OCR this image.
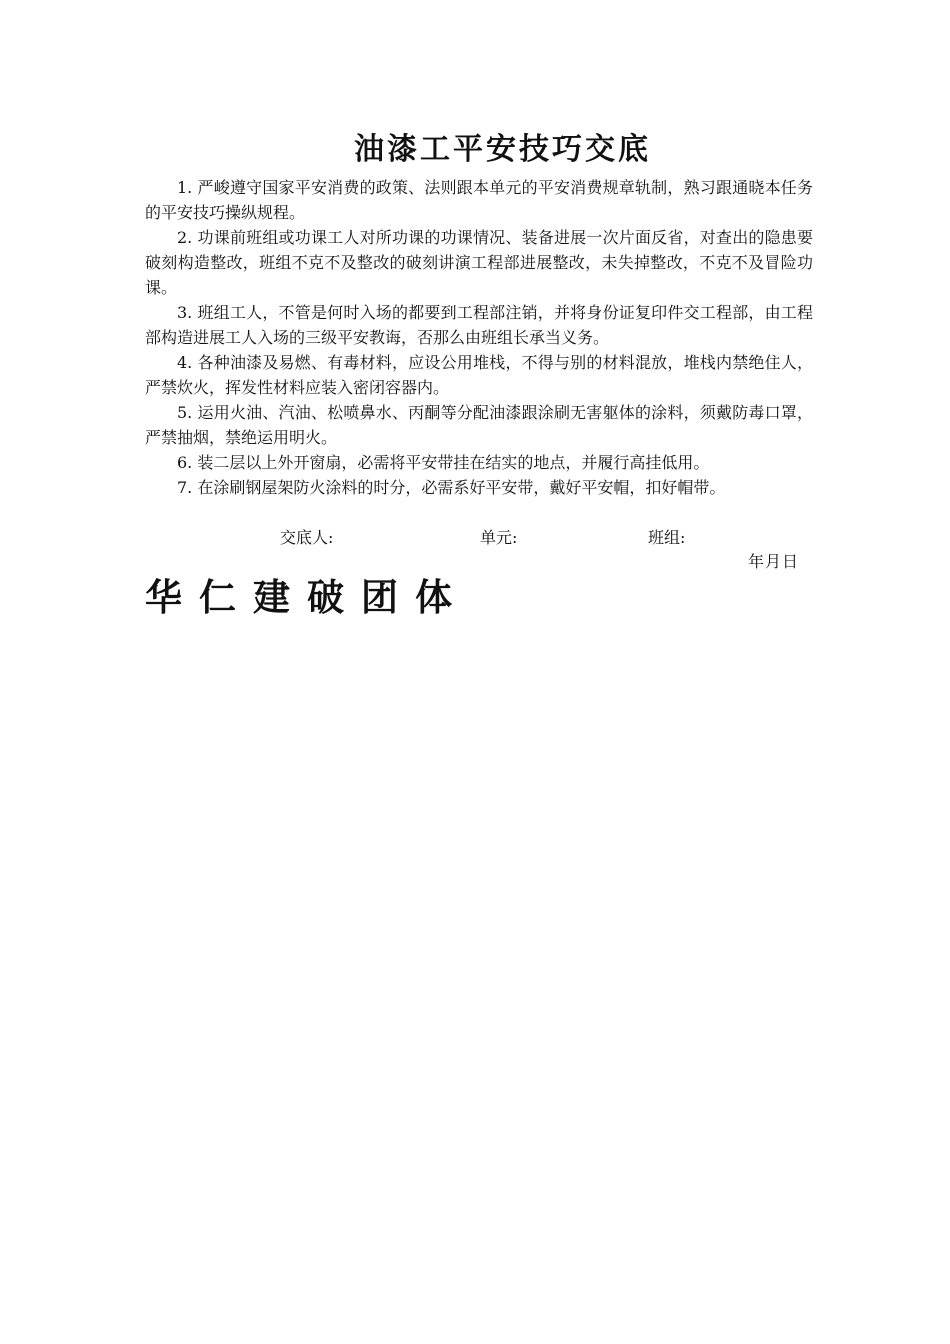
油漆工平安技巧交底

1. 严峻遵守国家平安消费的政策、法则跟本单元的平安消费规章轨制，熟习跟通晓本任务的平安技巧操纵规程。

2. 功课前班组或功课工人对所功课的功课情况、装备进展一次片面反省，对查出的隐患要破刻构造整改，班组不克不及整改的破刻讲演工程部进展整改，未失掉整改，不克不及冒险功课。

3. 班组工人，不管是何时入场的都要到工程部注销，并将身份证复印件交工程部，由工程部构造进展工人入场的三级平安教诲，否那么由班组长承当义务。

4. 各种油漆及易燃、有毒材料，应设公用堆栈，不得与别的材料混放，堆栈内禁绝住人，严禁炊火，挥发性材料应装入密闭容器内。

5. 运用火油、汽油、松喷鼻水、丙酮等分配油漆跟涂刷无害躯体的涂料，须戴防毒口罩，严禁抽烟，禁绝运用明火。

6. 装二层以上外开窗扇，必需将平安带挂在结实的地点，并履行高挂低用。

7. 在涂刷钢屋架防火涂料的时分，必需系好平安带，戴好平安帽，扣好帽带。

交底人:	单元:	班组:
年月日
华仁建破团体
